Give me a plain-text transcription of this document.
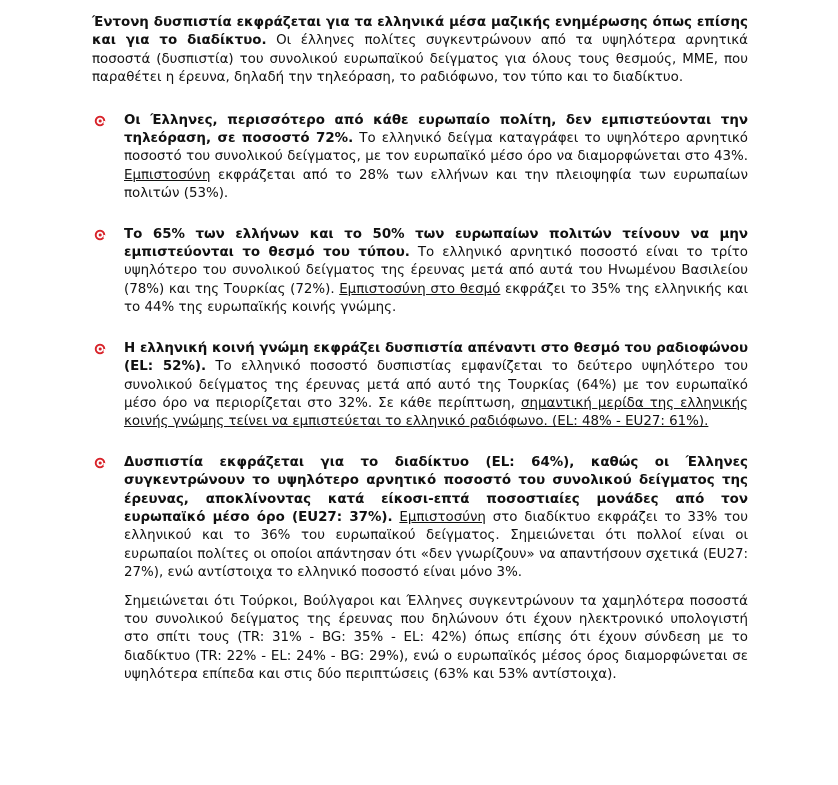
Έντονη δυσπιστία εκφράζεται για τα ελληνικά μέσα μαζικής ενημέρωσης όπως επίσης και για το διαδίκτυο. Οι έλληνες πολίτες συγκεντρώνουν από τα υψηλότερα αρνητικά ποσοστά (δυσπιστία) του συνολικού ευρωπαϊκού δείγματος για όλους τους θεσμούς, ΜΜΕ, που παραθέτει η έρευνα, δηλαδή την τηλεόραση, το ραδιόφωνο, τον τύπο και το διαδίκτυο.

Οι Έλληνες, περισσότερο από κάθε ευρωπαίο πολίτη, δεν εμπιστεύονται την τηλεόραση, σε ποσοστό 72%. Το ελληνικό δείγμα καταγράφει το υψηλότερο αρνητικό ποσοστό του συνολικού δείγματος, με τον ευρωπαϊκό μέσο όρο να διαμορφώνεται στο 43%. Εμπιστοσύνη εκφράζεται από το 28% των ελλήνων και την πλειοψηφία των ευρωπαίων πολιτών (53%).

Το 65% των ελλήνων και το 50% των ευρωπαίων πολιτών τείνουν να μην εμπιστεύονται το θεσμό του τύπου. Το ελληνικό αρνητικό ποσοστό είναι το τρίτο υψηλότερο του συνολικού δείγματος της έρευνας μετά από αυτά του Ηνωμένου Βασιλείου (78%) και της Τουρκίας (72%). Εμπιστοσύνη στο θεσμό εκφράζει το 35% της ελληνικής και το 44% της ευρωπαϊκής κοινής γνώμης.

Η ελληνική κοινή γνώμη εκφράζει δυσπιστία απέναντι στο θεσμό του ραδιοφώνου (EL: 52%). Το ελληνικό ποσοστό δυσπιστίας εμφανίζεται το δεύτερο υψηλότερο του συνολικού δείγματος της έρευνας μετά από αυτό της Τουρκίας (64%) με τον ευρωπαϊκό μέσο όρο να περιορίζεται στο 32%. Σε κάθε περίπτωση, σημαντική μερίδα της ελληνικής κοινής γνώμης τείνει να εμπιστεύεται το ελληνικό ραδιόφωνο. (EL: 48% - EU27: 61%).

Δυσπιστία εκφράζεται για το διαδίκτυο (EL: 64%), καθώς οι Έλληνες συγκεντρώνουν το υψηλότερο αρνητικό ποσοστό του συνολικού δείγματος της έρευνας, αποκλίνοντας κατά είκοσι-επτά ποσοστιαίες μονάδες από τον ευρωπαϊκό μέσο όρο (EU27: 37%). Εμπιστοσύνη στο διαδίκτυο εκφράζει το 33% του ελληνικού και το 36% του ευρωπαϊκού δείγματος. Σημειώνεται ότι πολλοί είναι οι ευρωπαίοι πολίτες οι οποίοι απάντησαν ότι «δεν γνωρίζουν» να απαντήσουν σχετικά (EU27: 27%), ενώ αντίστοιχα το ελληνικό ποσοστό είναι μόνο 3%.

Σημειώνεται ότι Τούρκοι, Βούλγαροι και Έλληνες συγκεντρώνουν τα χαμηλότερα ποσοστά του συνολικού δείγματος της έρευνας που δηλώνουν ότι έχουν ηλεκτρονικό υπολογιστή στο σπίτι τους (TR: 31% - BG: 35% - EL: 42%) όπως επίσης ότι έχουν σύνδεση με το διαδίκτυο (TR: 22% - EL: 24% - BG: 29%), ενώ ο ευρωπαϊκός μέσος όρος διαμορφώνεται σε υψηλότερα επίπεδα και στις δύο περιπτώσεις (63% και 53% αντίστοιχα).
